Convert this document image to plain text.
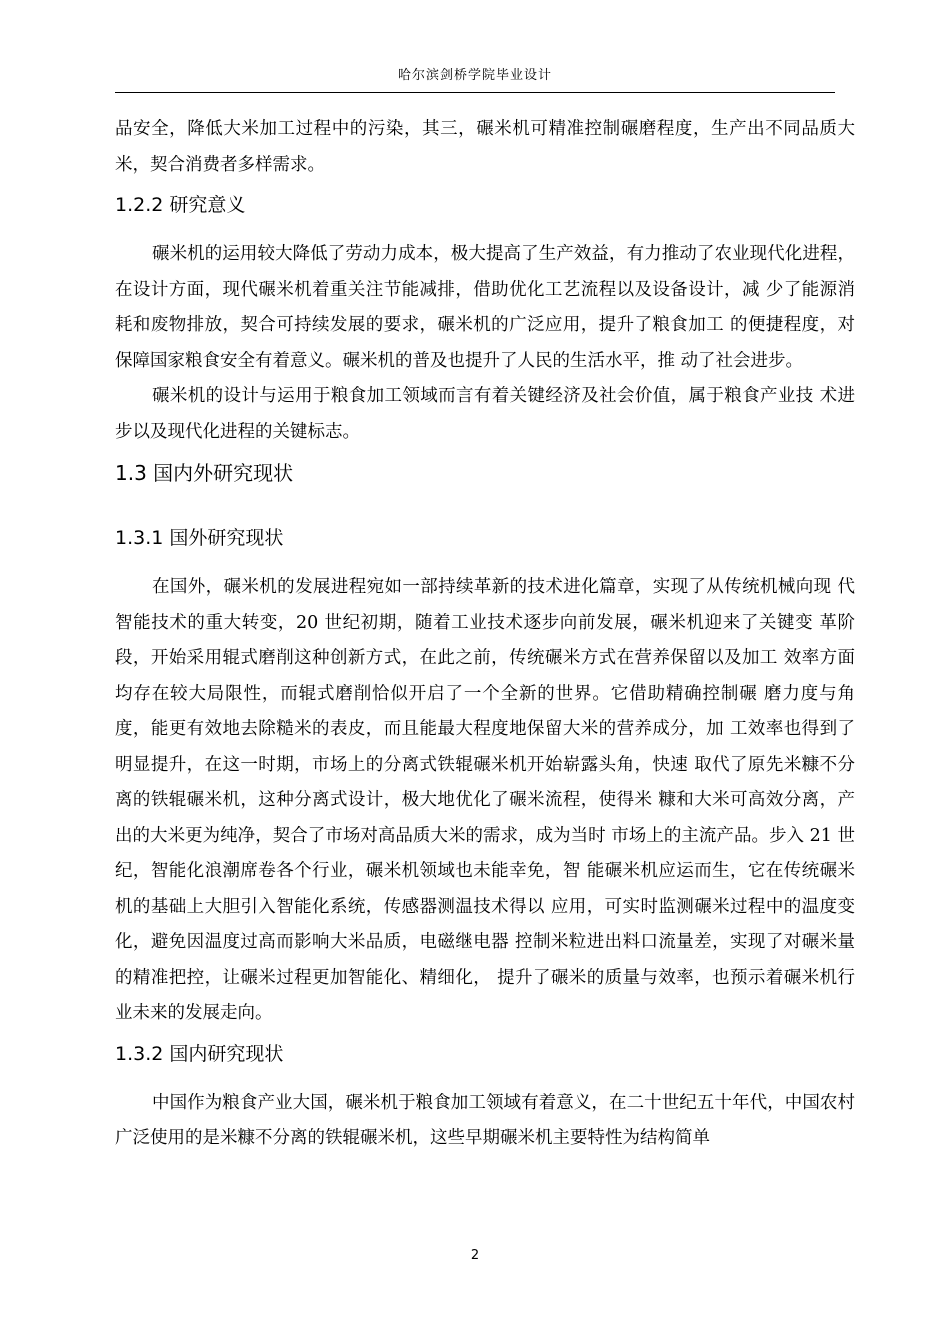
哈尔滨剑桥学院毕业设计

品安全，降低大米加工过程中的污染，其三，碾米机可精准控制碾磨程度，生产出不同品质大米，契合消费者多样需求。

1.2.2 研究意义

碾米机的运用较大降低了劳动力成本，极大提高了生产效益，有力推动了农业现代化进程，在设计方面，现代碾米机着重关注节能减排，借助优化工艺流程以及设备设计，减 少了能源消耗和废物排放，契合可持续发展的要求，碾米机的广泛应用，提升了粮食加工 的便捷程度，对保障国家粮食安全有着意义。碾米机的普及也提升了人民的生活水平，推 动了社会进步。

碾米机的设计与运用于粮食加工领域而言有着关键经济及社会价值，属于粮食产业技 术进步以及现代化进程的关键标志。

1.3 国内外研究现状
1.3.1 国外研究现状

在国外，碾米机的发展进程宛如一部持续革新的技术进化篇章，实现了从传统机械向现 代智能技术的重大转变，20 世纪初期，随着工业技术逐步向前发展，碾米机迎来了关键变 革阶段，开始采用辊式磨削这种创新方式，在此之前，传统碾米方式在营养保留以及加工 效率方面均存在较大局限性，而辊式磨削恰似开启了一个全新的世界。它借助精确控制碾 磨力度与角度，能更有效地去除糙米的表皮，而且能最大程度地保留大米的营养成分，加 工效率也得到了明显提升，在这一时期，市场上的分离式铁辊碾米机开始崭露头角，快速 取代了原先米糠不分离的铁辊碾米机，这种分离式设计，极大地优化了碾米流程，使得米 糠和大米可高效分离，产出的大米更为纯净，契合了市场对高品质大米的需求，成为当时 市场上的主流产品。步入 21 世纪，智能化浪潮席卷各个行业，碾米机领域也未能幸免，智 能碾米机应运而生，它在传统碾米机的基础上大胆引入智能化系统，传感器测温技术得以 应用，可实时监测碾米过程中的温度变化，避免因温度过高而影响大米品质，电磁继电器 控制米粒进出料口流量差，实现了对碾米量的精准把控，让碾米过程更加智能化、精细化， 提升了碾米的质量与效率，也预示着碾米机行业未来的发展走向。

1.3.2 国内研究现状

中国作为粮食产业大国，碾米机于粮食加工领域有着意义，在二十世纪五十年代，中国农村广泛使用的是米糠不分离的铁辊碾米机，这些早期碾米机主要特性为结构简单

2
